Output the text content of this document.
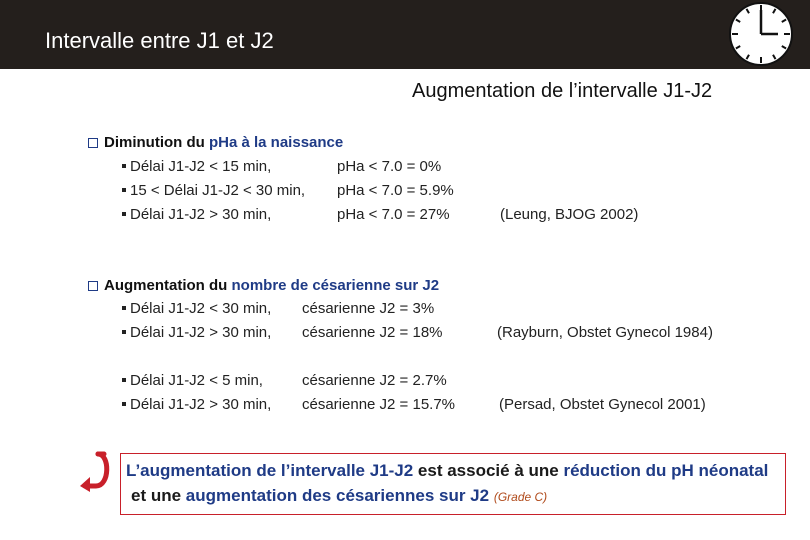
Intervalle entre J1 et J2
Augmentation de l’intervalle J1-J2
Diminution du pHa à la naissance
Délai J1-J2 < 15 min,	pHa < 7.0 = 0%
15 < Délai J1-J2 < 30 min, pHa < 7.0 = 5.9%
Délai J1-J2 > 30 min,	pHa < 7.0 = 27%	(Leung, BJOG 2002)
Augmentation du nombre de césarienne sur J2
Délai J1-J2 < 30 min, césarienne J2 = 3%
Délai J1-J2 > 30 min, césarienne J2 = 18%	(Rayburn, Obstet Gynecol 1984)
Délai J1-J2 < 5 min,	césarienne J2 = 2.7%
Délai J1-J2 > 30 min, césarienne J2 = 15.7%	(Persad, Obstet Gynecol 2001)
L’augmentation de l’intervalle J1-J2 est associé à une réduction du pH néonatal
et une augmentation des césariennes sur J2 (Grade C)
